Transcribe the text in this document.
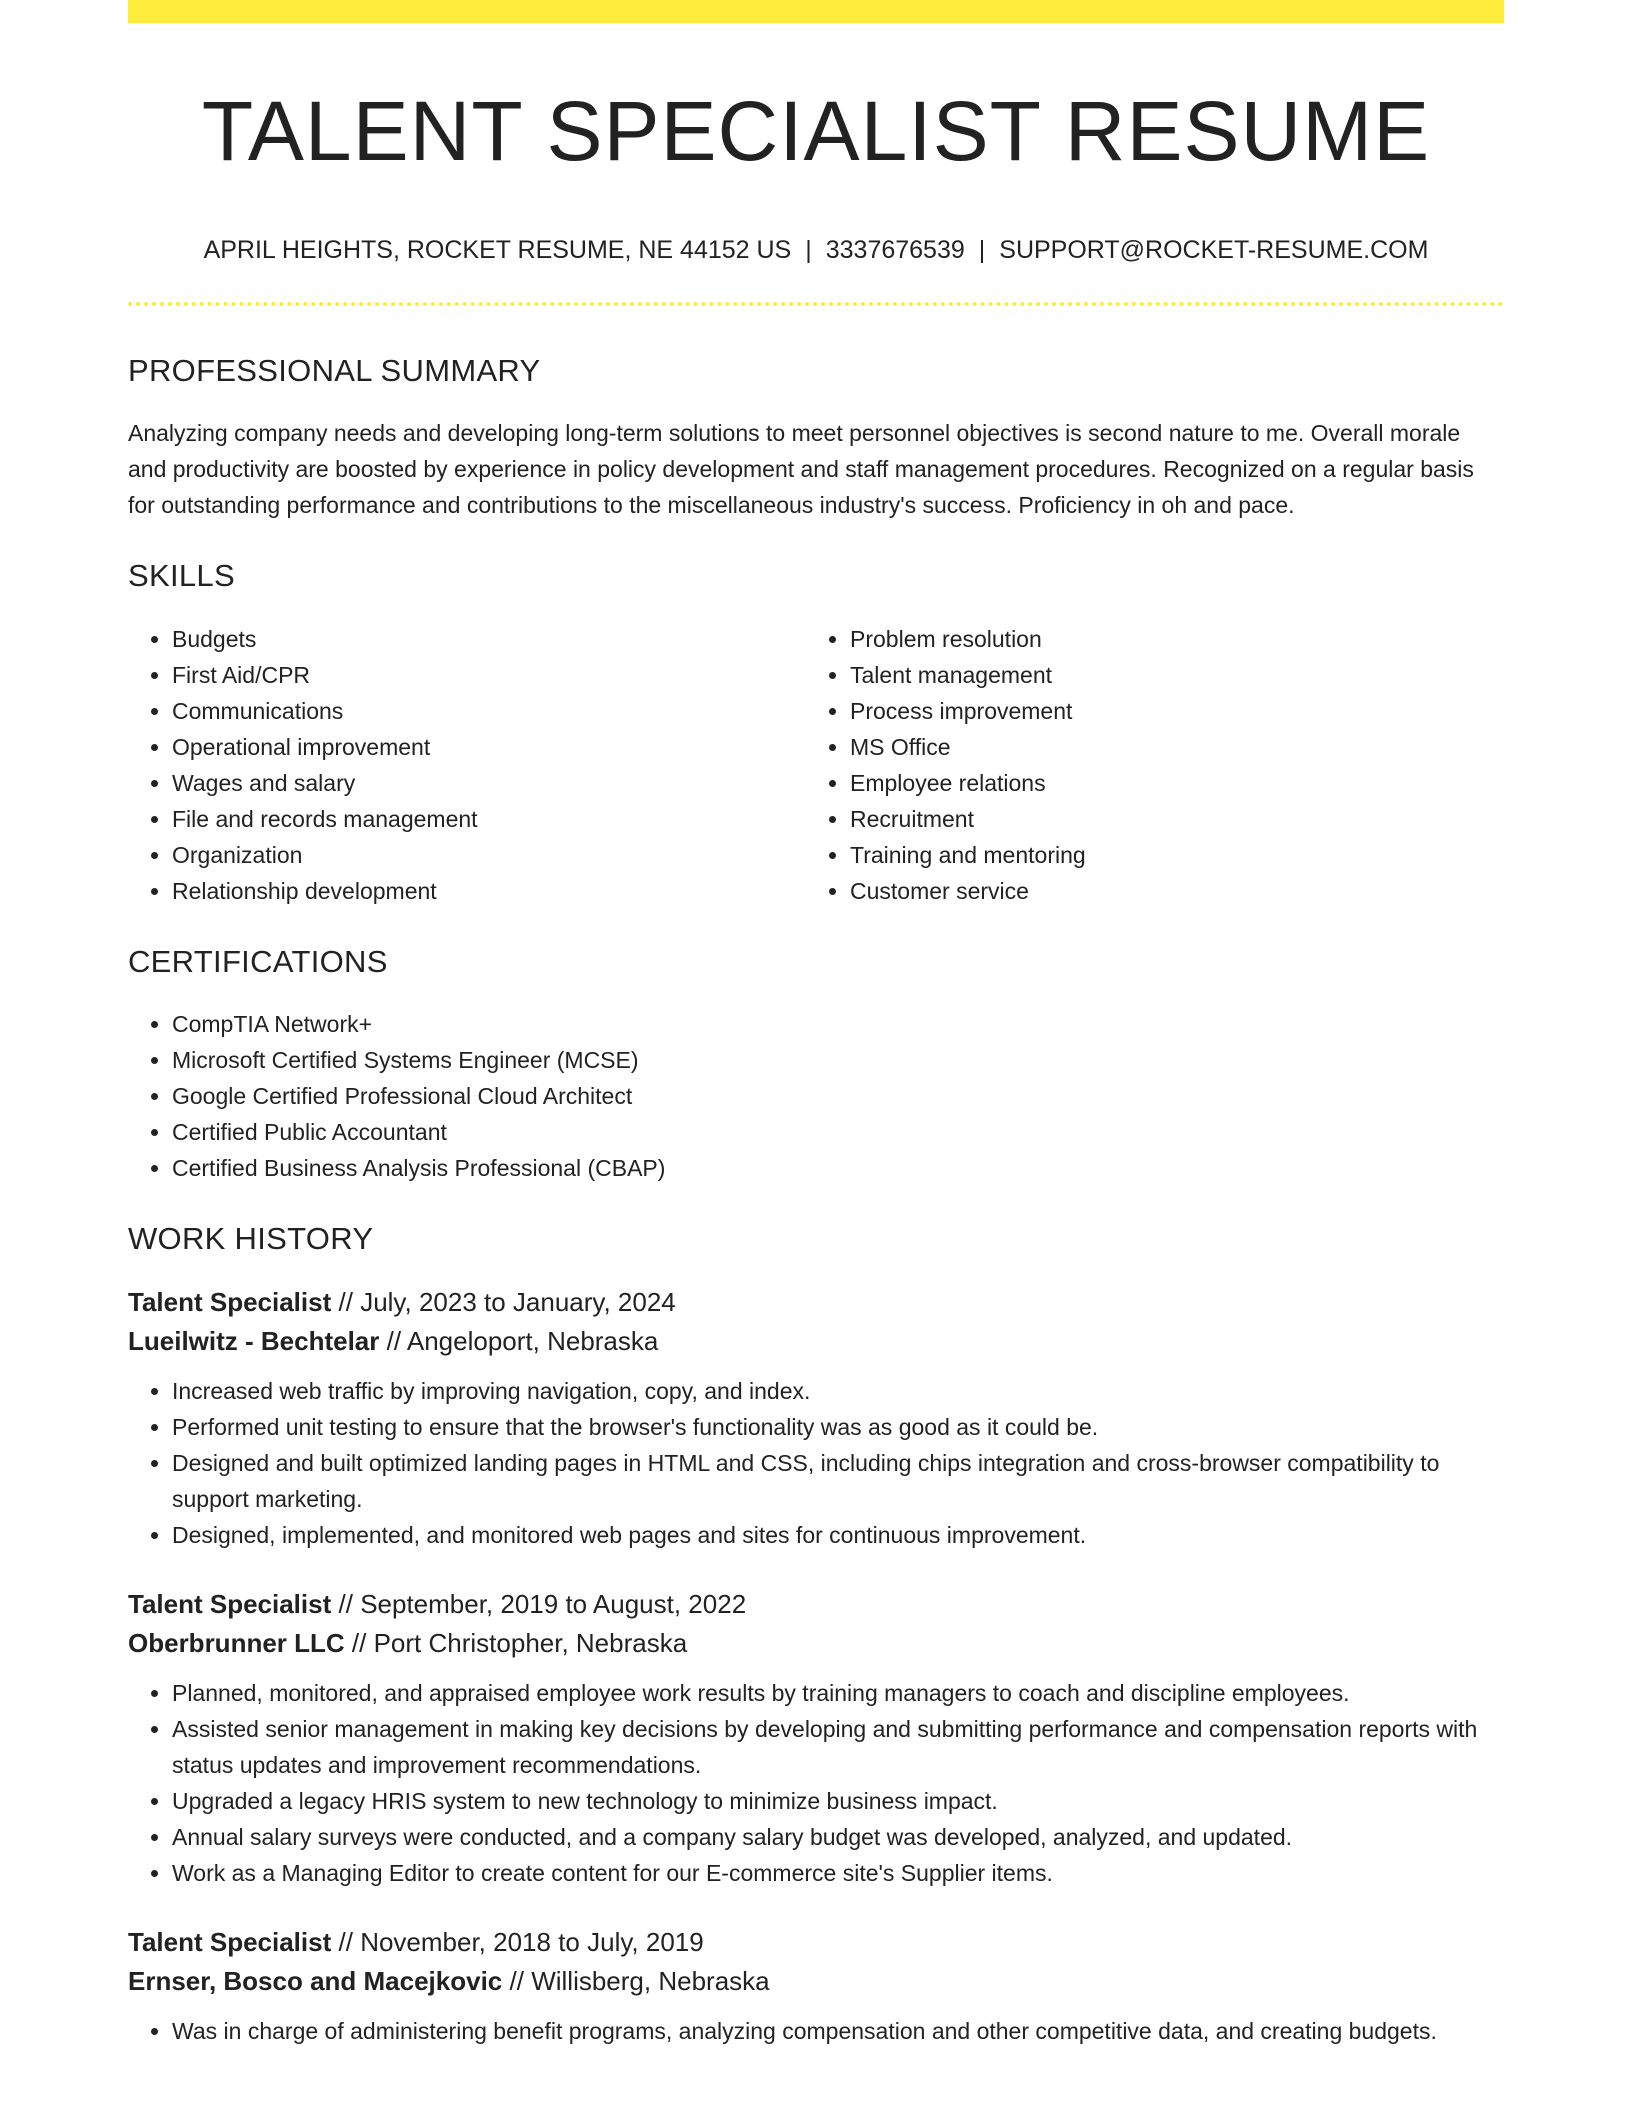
TALENT SPECIALIST RESUME
APRIL HEIGHTS, ROCKET RESUME, NE 44152 US | 3337676539 | SUPPORT@ROCKET-RESUME.COM
PROFESSIONAL SUMMARY

Analyzing company needs and developing long-term solutions to meet personnel objectives is second nature to me. Overall morale and productivity are boosted by experience in policy development and staff management procedures. Recognized on a regular basis for outstanding performance and contributions to the miscellaneous industry's success. Proficiency in oh and pace.

SKILLS
• Budgets
• First Aid/CPR
• Communications
• Operational improvement
• Wages and salary
• File and records management
• Organization
• Relationship development
• Problem resolution
• Talent management
• Process improvement
• MS Office
• Employee relations
• Recruitment
• Training and mentoring
• Customer service
CERTIFICATIONS
• CompTIA Network+
• Microsoft Certified Systems Engineer (MCSE)
• Google Certified Professional Cloud Architect
• Certified Public Accountant
• Certified Business Analysis Professional (CBAP)
WORK HISTORY
Talent Specialist // July, 2023 to January, 2024
Lueilwitz - Bechtelar // Angeloport, Nebraska
• Increased web traffic by improving navigation, copy, and index.
• Performed unit testing to ensure that the browser's functionality was as good as it could be.
• Designed and built optimized landing pages in HTML and CSS, including chips integration and cross-browser compatibility to support marketing.
• Designed, implemented, and monitored web pages and sites for continuous improvement.
Talent Specialist // September, 2019 to August, 2022
Oberbrunner LLC // Port Christopher, Nebraska
• Planned, monitored, and appraised employee work results by training managers to coach and discipline employees.
• Assisted senior management in making key decisions by developing and submitting performance and compensation reports with status updates and improvement recommendations.
• Upgraded a legacy HRIS system to new technology to minimize business impact.
• Annual salary surveys were conducted, and a company salary budget was developed, analyzed, and updated.
• Work as a Managing Editor to create content for our E-commerce site's Supplier items.
Talent Specialist // November, 2018 to July, 2019
Ernser, Bosco and Macejkovic // Willisberg, Nebraska
• Was in charge of administering benefit programs, analyzing compensation and other competitive data, and creating budgets.
